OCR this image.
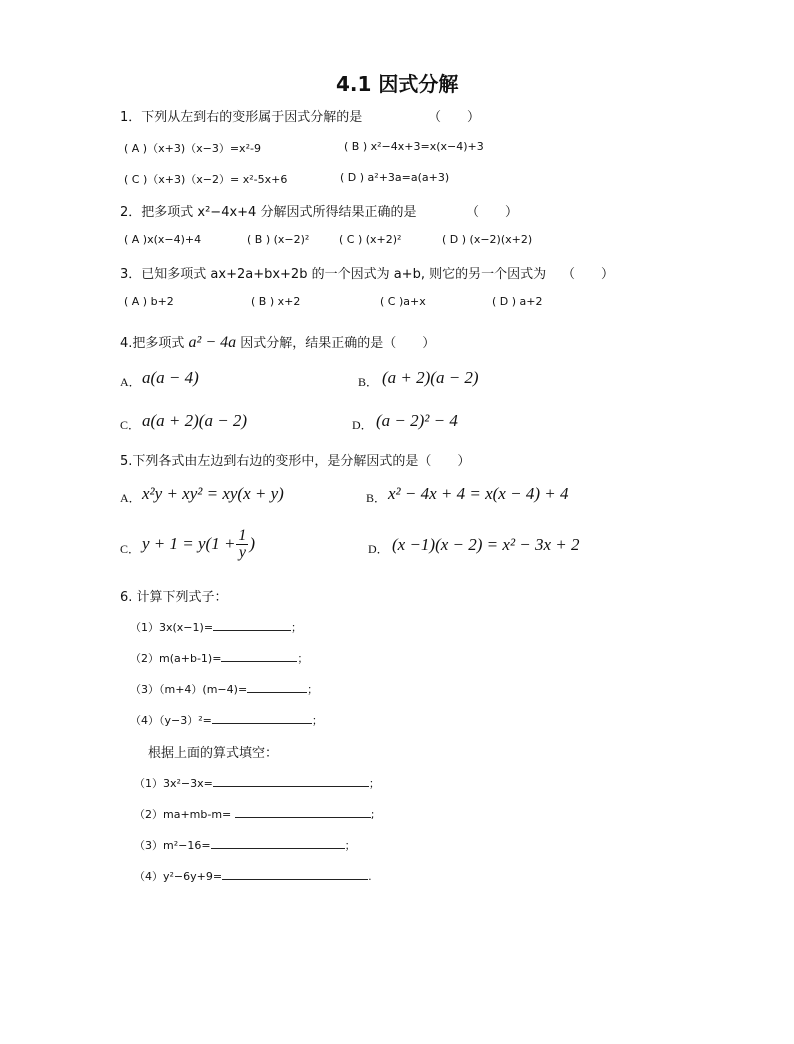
4.1 因式分解
1．下列从左到右的变形属于因式分解的是	（　　）
( A )（x+3)（x−3）=x²-9	( B ) x²−4x+3=x(x−4)+3
( C )（x+3)（x−2）= x²-5x+6	( D ) a²+3a=a(a+3)
2．把多项式 x²−4x+4 分解因式所得结果正确的是	（　　）
( A )x(x−4)+4	( B ) (x−2)²	( C ) (x+2)²	( D ) (x−2)(x+2)
3．已知多项式 ax+2a+bx+2b 的一个因式为 a+b, 则它的另一个因式为 （　　）
( A ) b+2	( B ) x+2	( C )a+x	( D ) a+2
4.把多项式 a² − 4a 因式分解，结果正确的是（　　）
A． a(a − 4)	B． (a + 2)(a − 2)
C． a(a + 2)(a − 2)	D． (a − 2)² − 4
5.下列各式由左边到右边的变形中，是分解因式的是（　　）
A． x²y + xy² = xy(x + y)	B． x² − 4x + 4 = x(x − 4) + 4
C． $y + 1 = y(1 + \frac{1}{y}$ )	D． (x −1)(x − 2) = x² − 3x + 2
6. 计算下列式子：
（1）3x(x−1)=	；
（2）m(a+b-1)=	；
（3）（m+4）(m−4)=	；
（4）（y−3）²=	；
根据上面的算式填空：
（1）3x²−3x=	；
（2）ma+mb-m=	;
（3）m²−16=	；
（4）y²−6y+9=	.
